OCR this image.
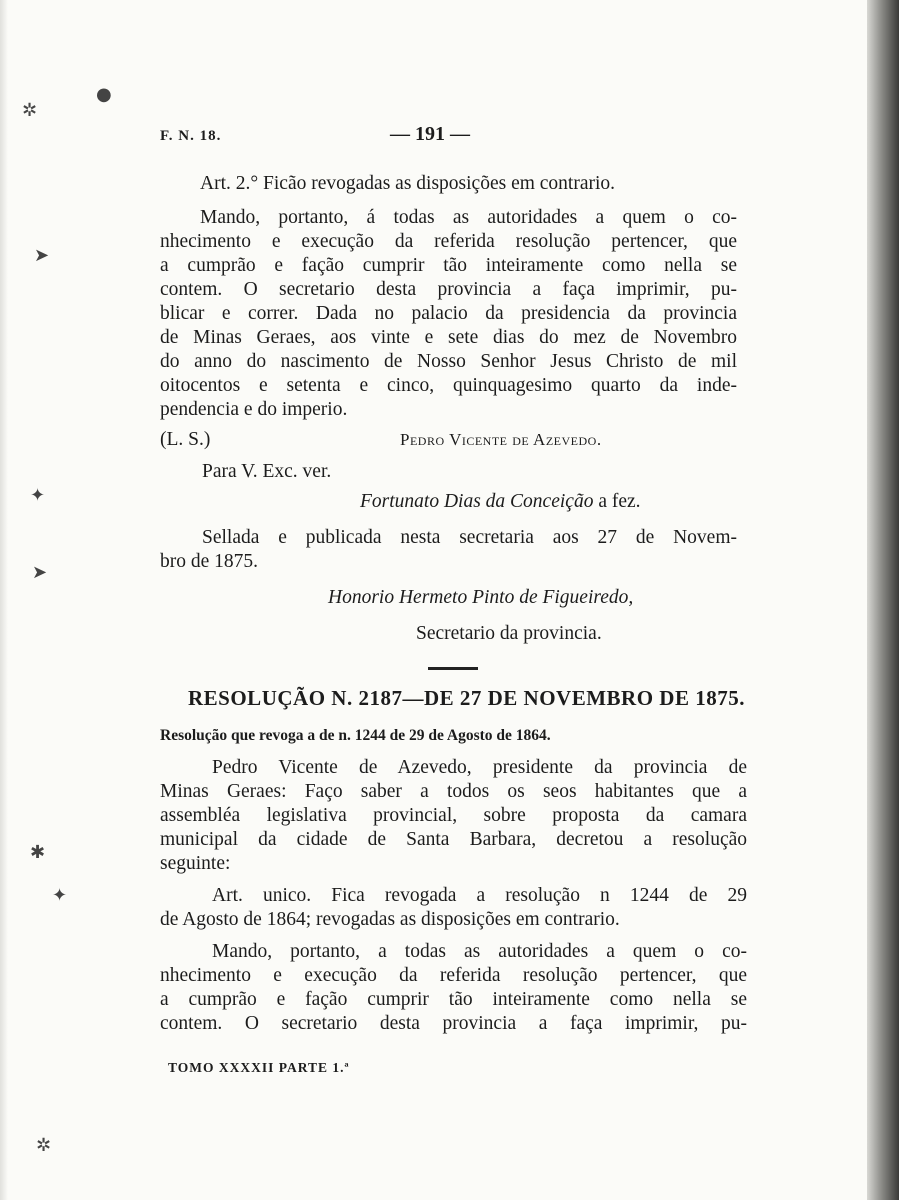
●
✲
➤
✦
➤
✱
✦
✲
F. N. 18.	— 191 —
Art. 2.° Ficão revogadas as disposições em contrario.
Mando, portanto, á todas as autoridades a quem o co-
nhecimento e execução da referida resolução pertencer, que
a cumprão e fação cumprir tão inteiramente como nella se
contem. O secretario desta provincia a faça imprimir, pu-
blicar e correr. Dada no palacio da presidencia da provincia
de Minas Geraes, aos vinte e sete dias do mez de Novembro
do anno do nascimento de Nosso Senhor Jesus Christo de mil
oitocentos e setenta e cinco, quinquagesimo quarto da inde-
pendencia e do imperio.
(L. S.)	Pedro Vicente de Azevedo.
Para V. Exc. ver.
Fortunato Dias da Conceição a fez.
Sellada e publicada nesta secretaria aos 27 de Novem-
bro de 1875.
Honorio Hermeto Pinto de Figueiredo,
Secretario da provincia.
RESOLUÇÃO N. 2187—DE 27 DE NOVEMBRO DE 1875.
Resolução que revoga a de n. 1244 de 29 de Agosto de 1864.
Pedro Vicente de Azevedo, presidente da provincia de
Minas Geraes: Faço saber a todos os seos habitantes que a
assembléa legislativa provincial, sobre proposta da camara
municipal da cidade de Santa Barbara, decretou a resolução
seguinte:
Art. unico. Fica revogada a resolução n 1244 de 29
de Agosto de 1864; revogadas as disposições em contrario.
Mando, portanto, a todas as autoridades a quem o co-
nhecimento e execução da referida resolução pertencer, que
a cumprão e fação cumprir tão inteiramente como nella se
contem. O secretario desta provincia a faça imprimir, pu-
TOMO XXXXII PARTE 1.ª
